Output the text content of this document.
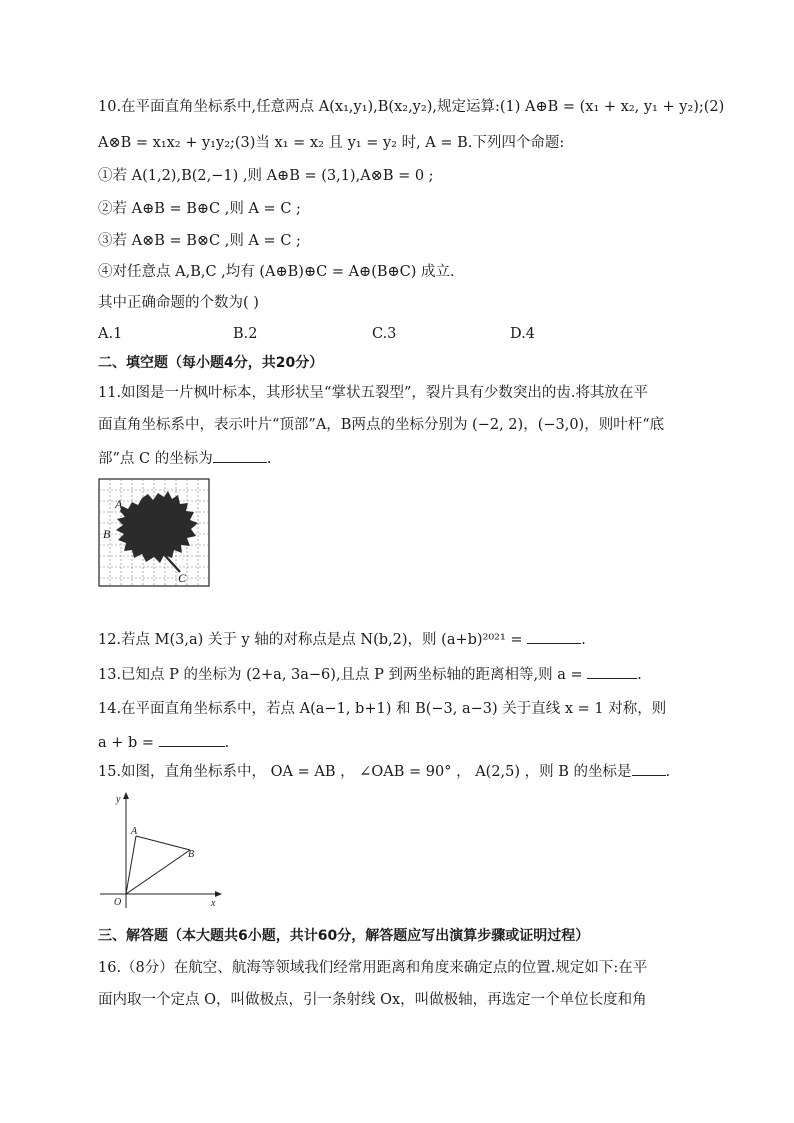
10.在平面直角坐标系中,任意两点 A(x₁,y₁),B(x₂,y₂),规定运算:(1) A⊕B = (x₁ + x₂, y₁ + y₂);(2)
A⊗B = x₁x₂ + y₁y₂;(3)当 x₁ = x₂ 且 y₁ = y₂ 时, A = B.下列四个命题:
①若 A(1,2),B(2,−1) ,则 A⊕B = (3,1),A⊗B = 0 ;
②若 A⊕B = B⊕C ,则 A = C ;
③若 A⊗B = B⊗C ,则 A = C ;
④对任意点 A,B,C ,均有 (A⊕B)⊕C = A⊕(B⊕C) 成立.
其中正确命题的个数为( )
A.1	B.2	C.3	D.4
二、填空题（每小题4分，共20分）
11.如图是一片枫叶标本，其形状呈“掌状五裂型”，裂片具有少数突出的齿.将其放在平
面直角坐标系中，表示叶片“顶部”A，B两点的坐标分别为 (−2, 2)，(−3,0)，则叶杆“底
部”点 C 的坐标为	.
A
B
C
12.若点 M(3,a) 关于 y 轴的对称点是点 N(b,2)，则 (a+b)²⁰²¹ =	.
13.已知点 P 的坐标为 (2+a, 3a−6),且点 P 到两坐标轴的距离相等,则 a =	.
14.在平面直角坐标系中，若点 A(a−1, b+1) 和 B(−3, a−3) 关于直线 x = 1 对称，则
a + b =	.
15.如图，直角坐标系中， OA = AB ， ∠OAB = 90° ， A(2,5) ，则 B 的坐标是 .
y
x
O
A
B
三、解答题（本大题共6小题，共计60分，解答题应写出演算步骤或证明过程）
16.（8分）在航空、航海等领域我们经常用距离和角度来确定点的位置.规定如下:在平
面内取一个定点 O，叫做极点，引一条射线 Ox，叫做极轴，再选定一个单位长度和角
